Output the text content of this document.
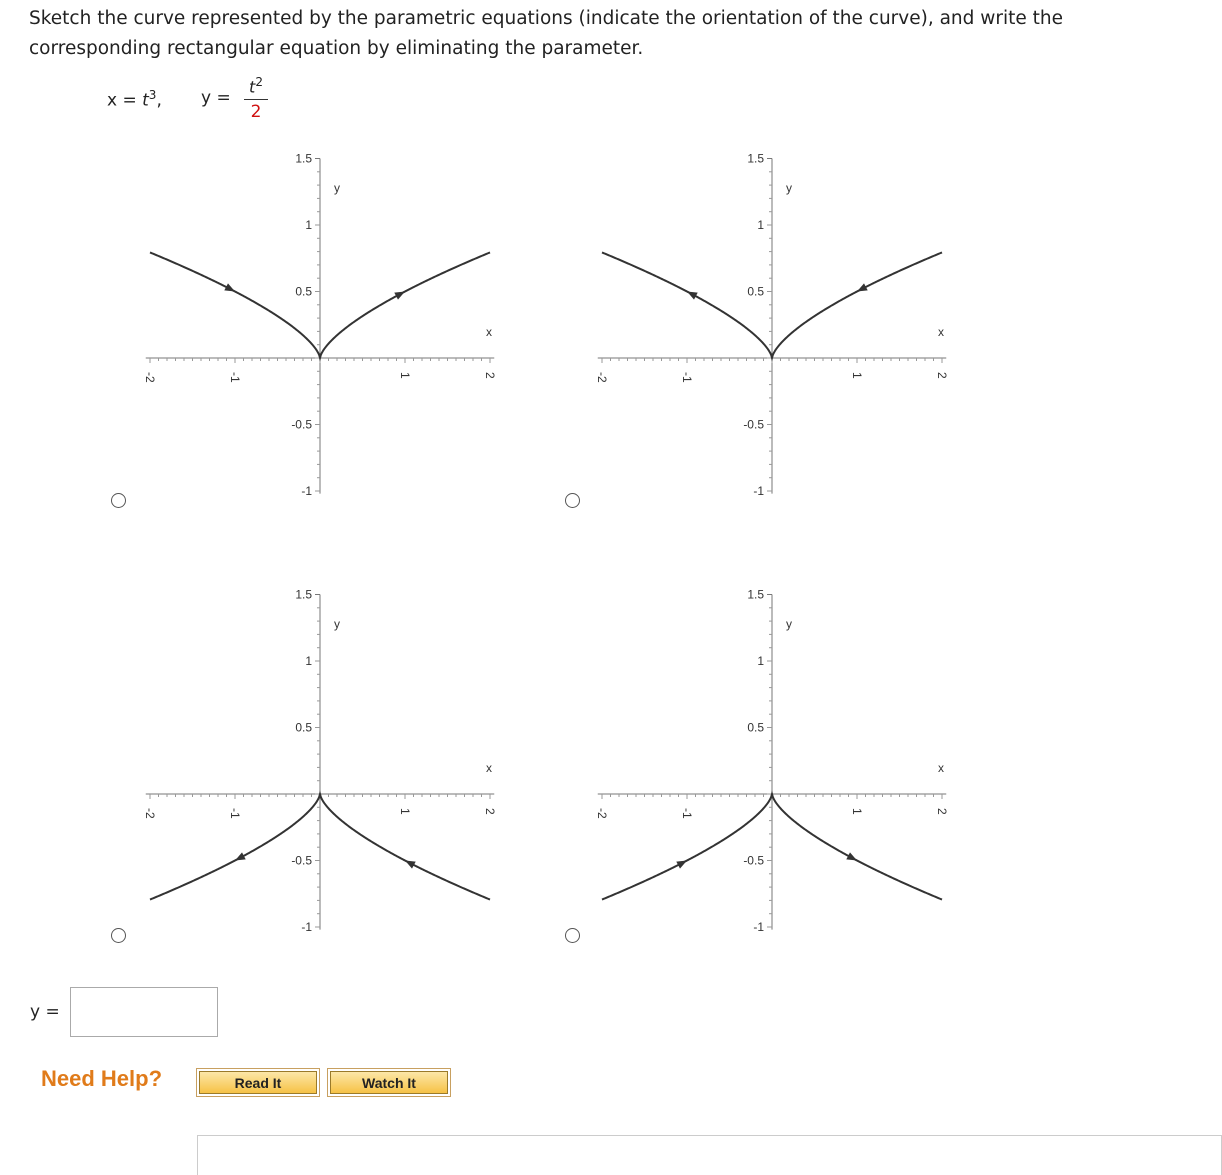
Sketch the curve represented by the parametric equations (indicate the orientation of the curve), and write the corresponding rectangular equation by eliminating the parameter.
$x = t^3$, y =
$t^2$
2
-2	-1	1	2
1.5
1
0.5
-0.5
-1
x
y
-2	-1	1	2
1.5
1
0.5
-0.5
-1
x
y
-2	-1	1	2
1.5
1
0.5
-0.5
-1
x
y
-2	-1	1	2
1.5
1
0.5
-0.5
-1
x
y
y =
Need Help?	Read It	Watch It
